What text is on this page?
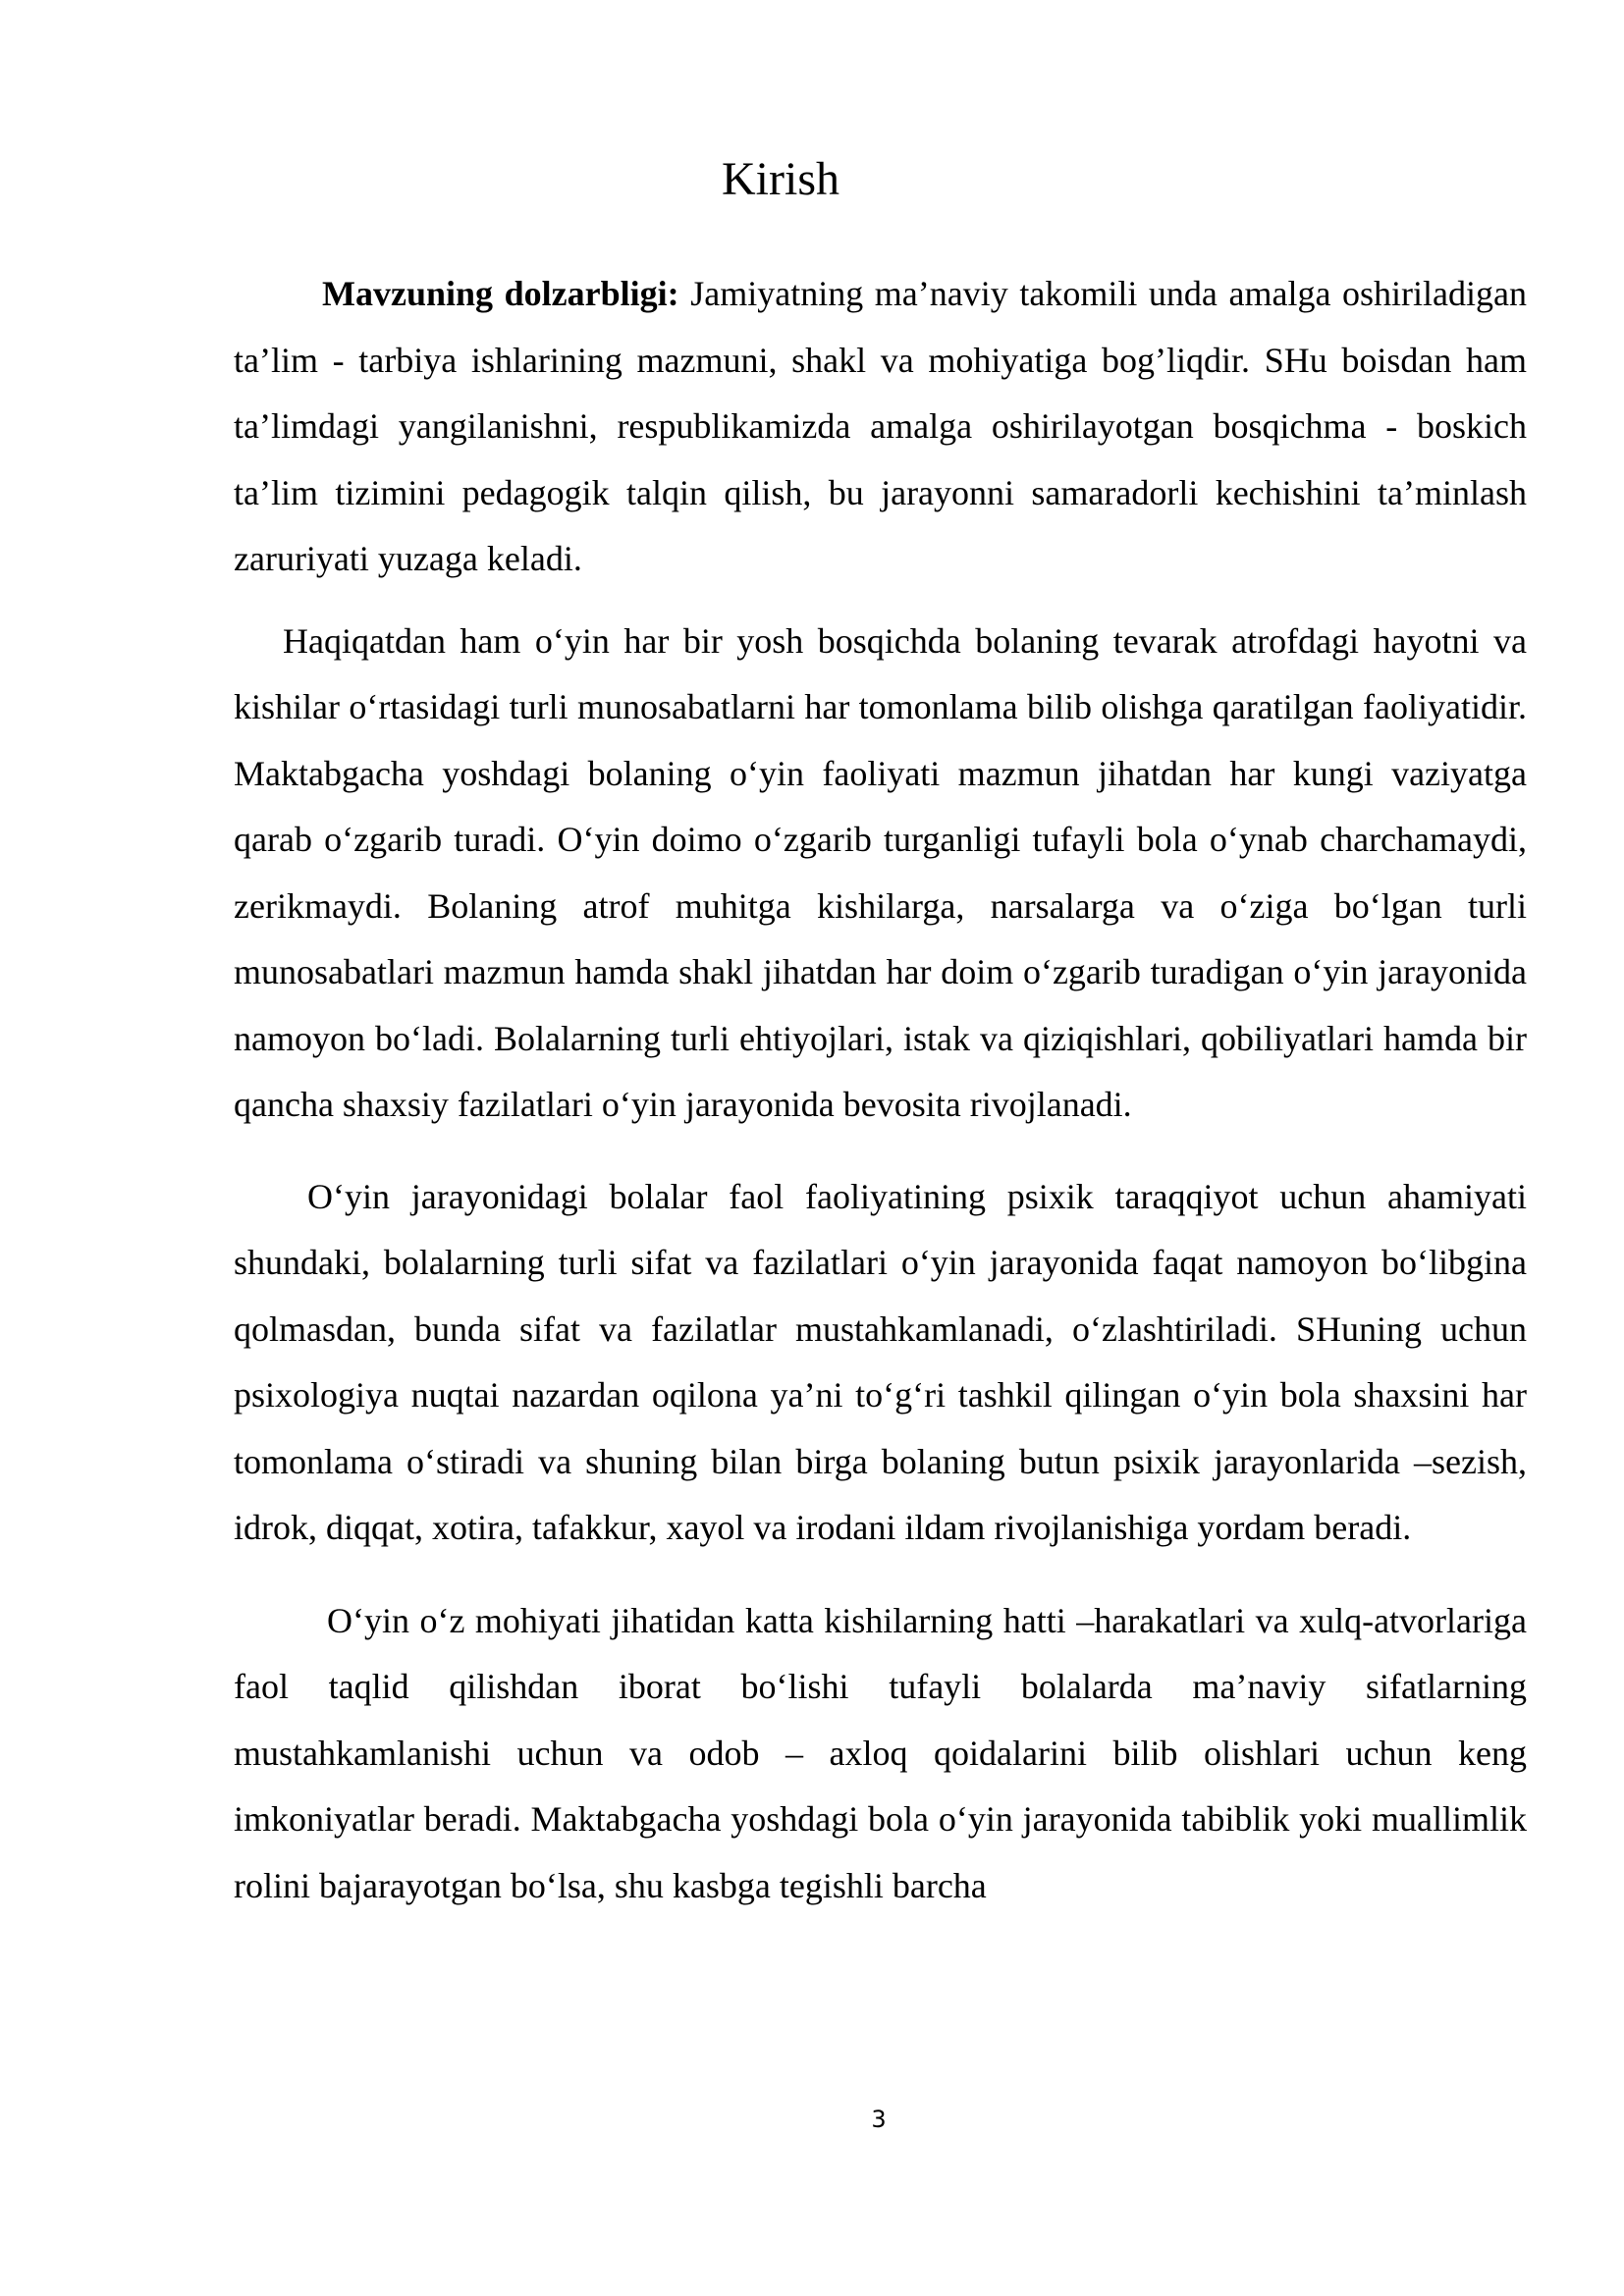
Kirish

Mavzuning dolzarbligi: Jamiyatning ma’naviy takomili unda amalga oshiriladigan ta’lim - tarbiya ishlarining mazmuni, shakl va mohiyatiga bog’liqdir. SHu boisdan ham ta’limdagi yangilanishni, respublikamizda amalga oshirilayotgan bosqichma - boskich ta’lim tizimini pedagogik talqin qilish, bu jarayonni samaradorli kechishini ta’minlash zaruriyati yuzaga keladi.

Haqiqatdan ham o‘yin har bir yosh bosqichda bolaning tevarak atrofdagi hayotni va kishilar o‘rtasidagi turli munosabatlarni har tomonlama bilib olishga qaratilgan faoliyatidir. Maktabgacha yoshdagi bolaning o‘yin faoliyati mazmun jihatdan har kungi vaziyatga qarab o‘zgarib turadi. O‘yin doimo o‘zgarib turganligi tufayli bola o‘ynab charchamaydi, zerikmaydi. Bolaning atrof muhitga kishilarga, narsalarga va o‘ziga bo‘lgan turli munosabatlari mazmun hamda shakl jihatdan har doim o‘zgarib turadigan o‘yin jarayonida namoyon bo‘ladi. Bolalarning turli ehtiyojlari, istak va qiziqishlari, qobiliyatlari hamda bir qancha shaxsiy fazilatlari o‘yin jarayonida bevosita rivojlanadi.

O‘yin jarayonidagi bolalar faol faoliyatining psixik taraqqiyot uchun ahamiyati shundaki, bolalarning turli sifat va fazilatlari o‘yin jarayonida faqat namoyon bo‘libgina qolmasdan, bunda sifat va fazilatlar mustahkamlanadi, o‘zlashtiriladi. SHuning uchun psixologiya nuqtai nazardan oqilona ya’ni to‘g‘ri tashkil qilingan o‘yin bola shaxsini har tomonlama o‘stiradi va shuning bilan birga bolaning butun psixik jarayonlarida –sezish, idrok, diqqat, xotira, tafakkur, xayol va irodani ildam rivojlanishiga yordam beradi.

O‘yin o‘z mohiyati jihatidan katta kishilarning hatti –harakatlari va xulq-atvorlariga faol taqlid qilishdan iborat bo‘lishi tufayli bolalarda ma’naviy sifatlarning mustahkamlanishi uchun va odob – axloq qoidalarini bilib olishlari uchun keng imkoniyatlar beradi. Maktabgacha yoshdagi bola o‘yin jarayonida tabiblik yoki muallimlik rolini bajarayotgan bo‘lsa, shu kasbga tegishli barcha

3
